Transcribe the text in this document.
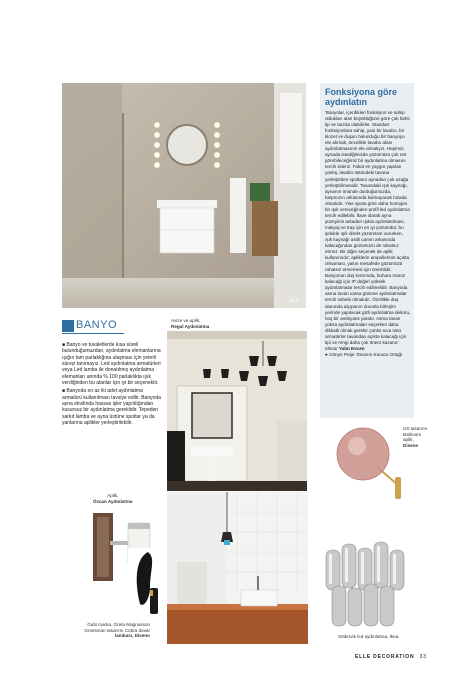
Ikea.
Fonksiyona göre
aydınlatın
'Banyolar, içerdikleri fonksiyon ve sahip oldukları alan büyüklüğüne göre çok farklı tip ve tarzda olabilirler. Standart fonksiyonlara sahip, yani bir lavabo, bir klozet ve duşun bulunduğu bir banyoyu ele alırsak, öncelikle lavabo alanı aydınlatmasının ele almalıyız. Hepimiz, aynada istediğimizde yüzümüzü çok net görebileceğimiz bir aydınlatma olmasını tercih ederiz. Fakat en yaygın yapılan yanlış, lavabo üstündeki tavana yerleştirilen spotların aynadan çok uzağa yerleştirilmesidir. Tavandaki ışık kaynağı, aynanın önünde durduğumuzda, başımızın arkasında kalmayacak hizada olmalıdır. Yine spota göre daha homojen bir ışık vereceğinden profil led aydınlatma tercih edilebilir. İlave olarak ayna yüzeyinin arkadan ışıkla aydınlatılması, makyaj ve traş için en iyi çözümdür, bu şekilde ışık direkt yüzümüze vururken, ışık kaynağı asitli camın arkasında kalacağından gözümüzü de rahatsız etmez. Bir diğer seçenek de aplik kullanımıdır; apliklerin ampullerinin açıkta olmaması, yakın mesafede gözümüzü rahatsız etmemesi için önemlidir. Banyonun duş kısmında, buhara maruz kalacağı için IP değeri yüksek aydınlatmalar tercih edilmelidir. Banyoda asma tavan varsa gömme aydınlatmalar tercih sebebi olmalıdır. Özellikle duş alanında alçıpanın duvarla birleşim yerinde yapılacak gizli aydınlatma dekoru, hoş bir ambiyans yaratır. Asma tavan yoksa aydınlatmaları seçerken daha dikkatli olmak gerekir çünkü sıva üstü armatürler tavandan açıkta kalacağı için tipi ve rengi daha çok önem kazanır.' Mimar Yalın Evcen
● Gönye Proje Tasarım Kurucu Ortağı
BANYO

■ Banyo ve tuvaletlerde kısa süreli bulunduğumuzdan, aydınlatma elemanlarına ışığın tam parlaklığına ulaşması için yeterli süreyi tanımayız. Led aydınlatma armatürleri veya Led lamba ile donatılmış aydınlatma elemanları anında % 100 parlaklıkta ışık verdiğinden bu alanlar için iyi bir seçenektir.

■ Banyoda en az iki adet aydınlatma armatürü kullanılması tavsiye edilir. Banyoda ayna etrafında hassas işler yapıldığından kusursuz bir aydınlatma gereklidir. Tepeden sarkıt lamba ve ayna üstüne spotlar ya da yanlarına aplikler yerleştirilebilir.

Avize ve aplik,
Regal Aydınlatma
US tasarımı
Ballroom
aplik,
Diseno
Aplik,
Özcan Aydınlatma
Gubi marka, Greta Magnusson
Grossman tasarımı Cobra duvar
lambası, Diseno	Södervik led aydınlatma, Ikea.
ELLE DECORATION 33
